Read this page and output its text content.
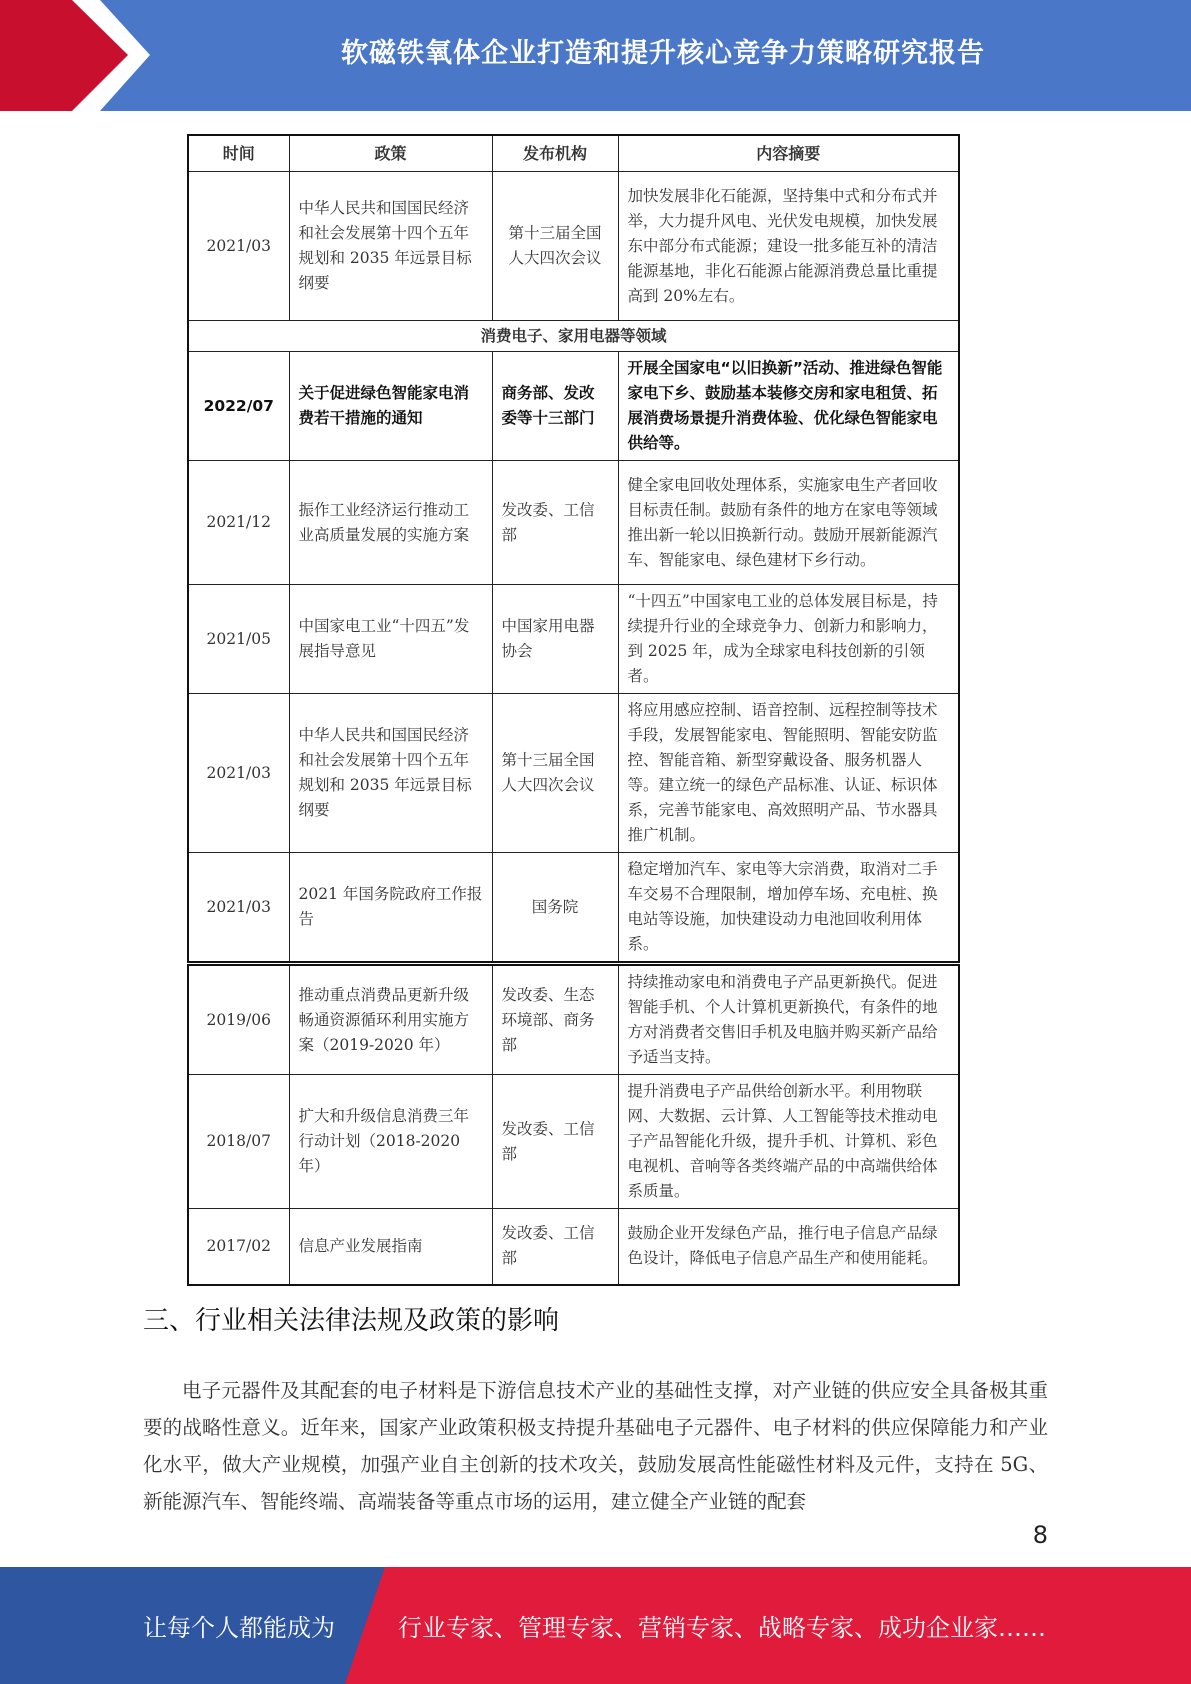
软磁铁氧体企业打造和提升核心竞争力策略研究报告
时间	政策	发布机构	内容摘要
2021/03	中华人民共和国国民经济和社会发展第十四个五年规划和 2035 年远景目标纲要	第十三届全国人大四次会议	加快发展非化石能源，坚持集中式和分布式并举，大力提升风电、光伏发电规模，加快发展东中部分布式能源；建设一批多能互补的清洁能源基地，非化石能源占能源消费总量比重提高到 20%左右。
消费电子、家用电器等领域			
2022/07	关于促进绿色智能家电消费若干措施的通知	商务部、发改委等十三部门	开展全国家电“以旧换新”活动、推进绿色智能家电下乡、鼓励基本装修交房和家电租赁、拓展消费场景提升消费体验、优化绿色智能家电供给等。
2021/12	振作工业经济运行推动工业高质量发展的实施方案	发改委、工信部	健全家电回收处理体系，实施家电生产者回收目标责任制。鼓励有条件的地方在家电等领域推出新一轮以旧换新行动。鼓励开展新能源汽车、智能家电、绿色建材下乡行动。
2021/05	中国家电工业“十四五”发展指导意见	中国家用电器协会	“十四五”中国家电工业的总体发展目标是，持续提升行业的全球竞争力、创新力和影响力，到 2025 年，成为全球家电科技创新的引领者。
2021/03	中华人民共和国国民经济和社会发展第十四个五年规划和 2035 年远景目标纲要	第十三届全国人大四次会议	将应用感应控制、语音控制、远程控制等技术手段，发展智能家电、智能照明、智能安防监控、智能音箱、新型穿戴设备、服务机器人等。建立统一的绿色产品标准、认证、标识体系，完善节能家电、高效照明产品、节水器具推广机制。
2021/03	2021 年国务院政府工作报告	国务院	稳定增加汽车、家电等大宗消费，取消对二手车交易不合理限制，增加停车场、充电桩、换电站等设施，加快建设动力电池回收利用体系。
2019/06	推动重点消费品更新升级畅通资源循环利用实施方案（2019-2020 年）	发改委、生态环境部、商务部	持续推动家电和消费电子产品更新换代。促进智能手机、个人计算机更新换代，有条件的地方对消费者交售旧手机及电脑并购买新产品给予适当支持。
2018/07	扩大和升级信息消费三年行动计划（2018-2020 年）	发改委、工信部	提升消费电子产品供给创新水平。利用物联网、大数据、云计算、人工智能等技术推动电子产品智能化升级，提升手机、计算机、彩色电视机、音响等各类终端产品的中高端供给体系质量。
2017/02	信息产业发展指南	发改委、工信部	鼓励企业开发绿色产品，推行电子信息产品绿色设计，降低电子信息产品生产和使用能耗。
三、行业相关法律法规及政策的影响
电子元器件及其配套的电子材料是下游信息技术产业的基础性支撑，对产业链的供应安全具备极其重要的战略性意义。近年来，国家产业政策积极支持提升基础电子元器件、电子材料的供应保障能力和产业化水平，做大产业规模，加强产业自主创新的技术攻关，鼓励发展高性能磁性材料及元件，支持在 5G、新能源汽车、智能终端、高端装备等重点市场的运用，建立健全产业链的配套
8
让每个人都能成为	行业专家、管理专家、营销专家、战略专家、成功企业家……
